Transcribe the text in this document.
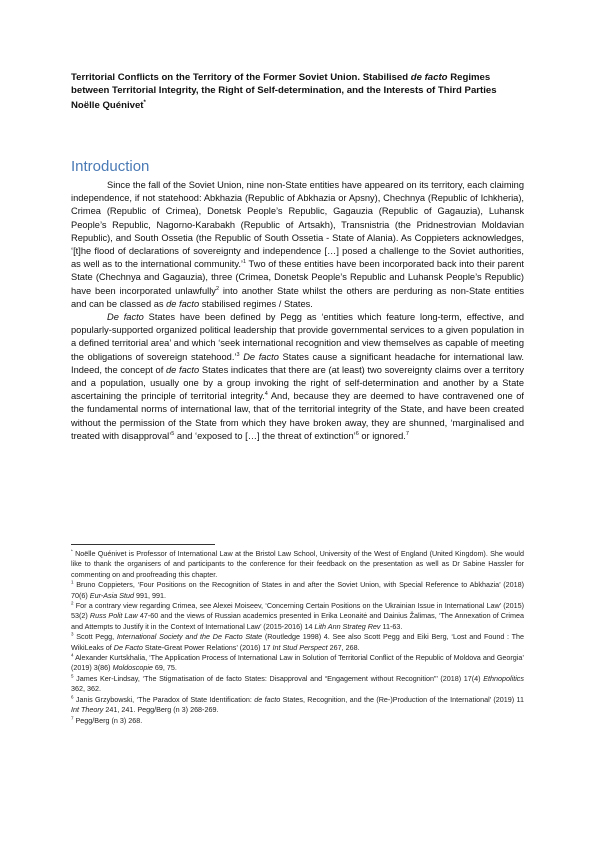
Territorial Conflicts on the Territory of the Former Soviet Union. Stabilised de facto Regimes between Territorial Integrity, the Right of Self-determination, and the Interests of Third Parties
Noëlle Quénivet*
Introduction

Since the fall of the Soviet Union, nine non-State entities have appeared on its territory, each claiming independence, if not statehood: Abkhazia (Republic of Abkhazia or Apsny), Chechnya (Republic of Ichkheria), Crimea (Republic of Crimea), Donetsk People’s Republic, Gagauzia (Republic of Gagauzia), Luhansk People’s Republic, Nagorno-Karabakh (Republic of Artsakh), Transnistria (the Pridnestrovian Moldavian Republic), and South Ossetia (the Republic of South Ossetia - State of Alania). As Coppieters acknowledges, ‘[t]he flood of declarations of sovereignty and independence […] posed a challenge to the Soviet authorities, as well as to the international community.’$^1$ Two of these entities have been incorporated back into their parent State (Chechnya and Gagauzia), three (Crimea, Donetsk People’s Republic and Luhansk People’s Republic) have been incorporated unlawfully$^2$ into another State whilst the others are perduring as non-State entities and can be classed as de facto stabilised regimes / States.

De facto States have been defined by Pegg as ‘entities which feature long-term, effective, and popularly-supported organized political leadership that provide governmental services to a given population in a defined territorial area’ and which ‘seek international recognition and view themselves as capable of meeting the obligations of sovereign statehood.’$^3$ De facto States cause a significant headache for international law. Indeed, the concept of de facto States indicates that there are (at least) two sovereignty claims over a territory and a population, usually one by a group invoking the right of self-determination and another by a State ascertaining the principle of territorial integrity.$^4$ And, because they are deemed to have contravened one of the fundamental norms of international law, that of the territorial integrity of the State, and have been created without the permission of the State from which they have broken away, they are shunned, ‘marginalised and treated with disapproval’$^5$ and ‘exposed to […] the threat of extinction’$^6$ or ignored.$^7$

* Noëlle Quénivet is Professor of International Law at the Bristol Law School, University of the West of England (United Kingdom). She would like to thank the organisers of and participants to the conference for their feedback on the presentation as well as Dr Sabine Hassler for commenting on and proofreading this chapter.
$^1$ Bruno Coppieters, ‘Four Positions on the Recognition of States in and after the Soviet Union, with Special Reference to Abkhazia’ (2018) 70(6) Eur-Asia Stud 991, 991.
$^2$ For a contrary view regarding Crimea, see Alexei Moiseev, ‘Concerning Certain Positions on the Ukrainian Issue in International Law’ (2015) 53(2) Russ Polit Law 47-60 and the views of Russian academics presented in Erika Leonaitė and Dainius Žalimas, ‘The Annexation of Crimea and Attempts to Justify it in the Context of International Law’ (2015-2016) 14 Lith Ann Strateg Rev 11-63.
$^3$ Scott Pegg, International Society and the De Facto State (Routledge 1998) 4. See also Scott Pegg and Eiki Berg, ‘Lost and Found : The WikiLeaks of De Facto State-Great Power Relations’ (2016) 17 Int Stud Perspect 267, 268.
$^4$ Alexander Kurtskhalia, ‘The Application Process of International Law in Solution of Territorial Conflict of the Republic of Moldova and Georgia’ (2019) 3(86) Moldoscopie 69, 75.
$^5$ James Ker-Lindsay, ‘The Stigmatisation of de facto States: Disapproval and “Engagement without Recognition”’ (2018) 17(4) Ethnopolitics 362, 362.
$^6$ Janis Grzybowski, ‘The Paradox of State Identification: de facto States, Recognition, and the (Re-)Production of the International’ (2019) 11 Int Theory 241, 241. Pegg/Berg (n 3) 268-269.
$^7$ Pegg/Berg (n 3) 268.
